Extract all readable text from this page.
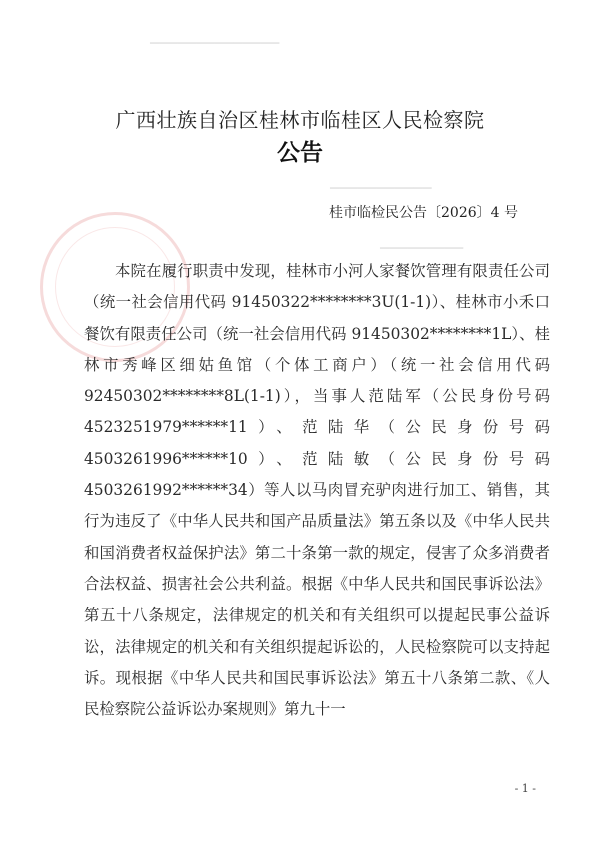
▁▁▁▁▁▁▁▁▁▁▁▁▁▁
▁▁▁▁▁▁▁▁▁▁▁
▁▁▁▁▁▁▁▁▁
广西壮族自治区桂林市临桂区人民检察院
公告
桂市临检民公告〔2026〕4 号

本院在履行职责中发现，桂林市小河人家餐饮管理有限责任公司（统一社会信用代码 91450322********3U(1-1)）、桂林市小禾口餐饮有限责任公司（统一社会信用代码 91450302********1L）、桂林市秀峰区细姑鱼馆（个体工商户）（统一社会信用代码 92450302********8L(1-1)），当事人范陆军（公民身份号码 4523251979******11）、范陆华（公民身份号码 4503261996******10）、范陆敏（公民身份号码 4503261992******34）等人以马肉冒充驴肉进行加工、销售，其行为违反了《中华人民共和国产品质量法》第五条以及《中华人民共和国消费者权益保护法》第二十条第一款的规定，侵害了众多消费者合法权益、损害社会公共利益。根据《中华人民共和国民事诉讼法》第五十八条规定，法律规定的机关和有关组织可以提起民事公益诉讼，法律规定的机关和有关组织提起诉讼的，人民检察院可以支持起诉。现根据《中华人民共和国民事诉讼法》第五十八条第二款、《人民检察院公益诉讼办案规则》第九十一

- 1 -
